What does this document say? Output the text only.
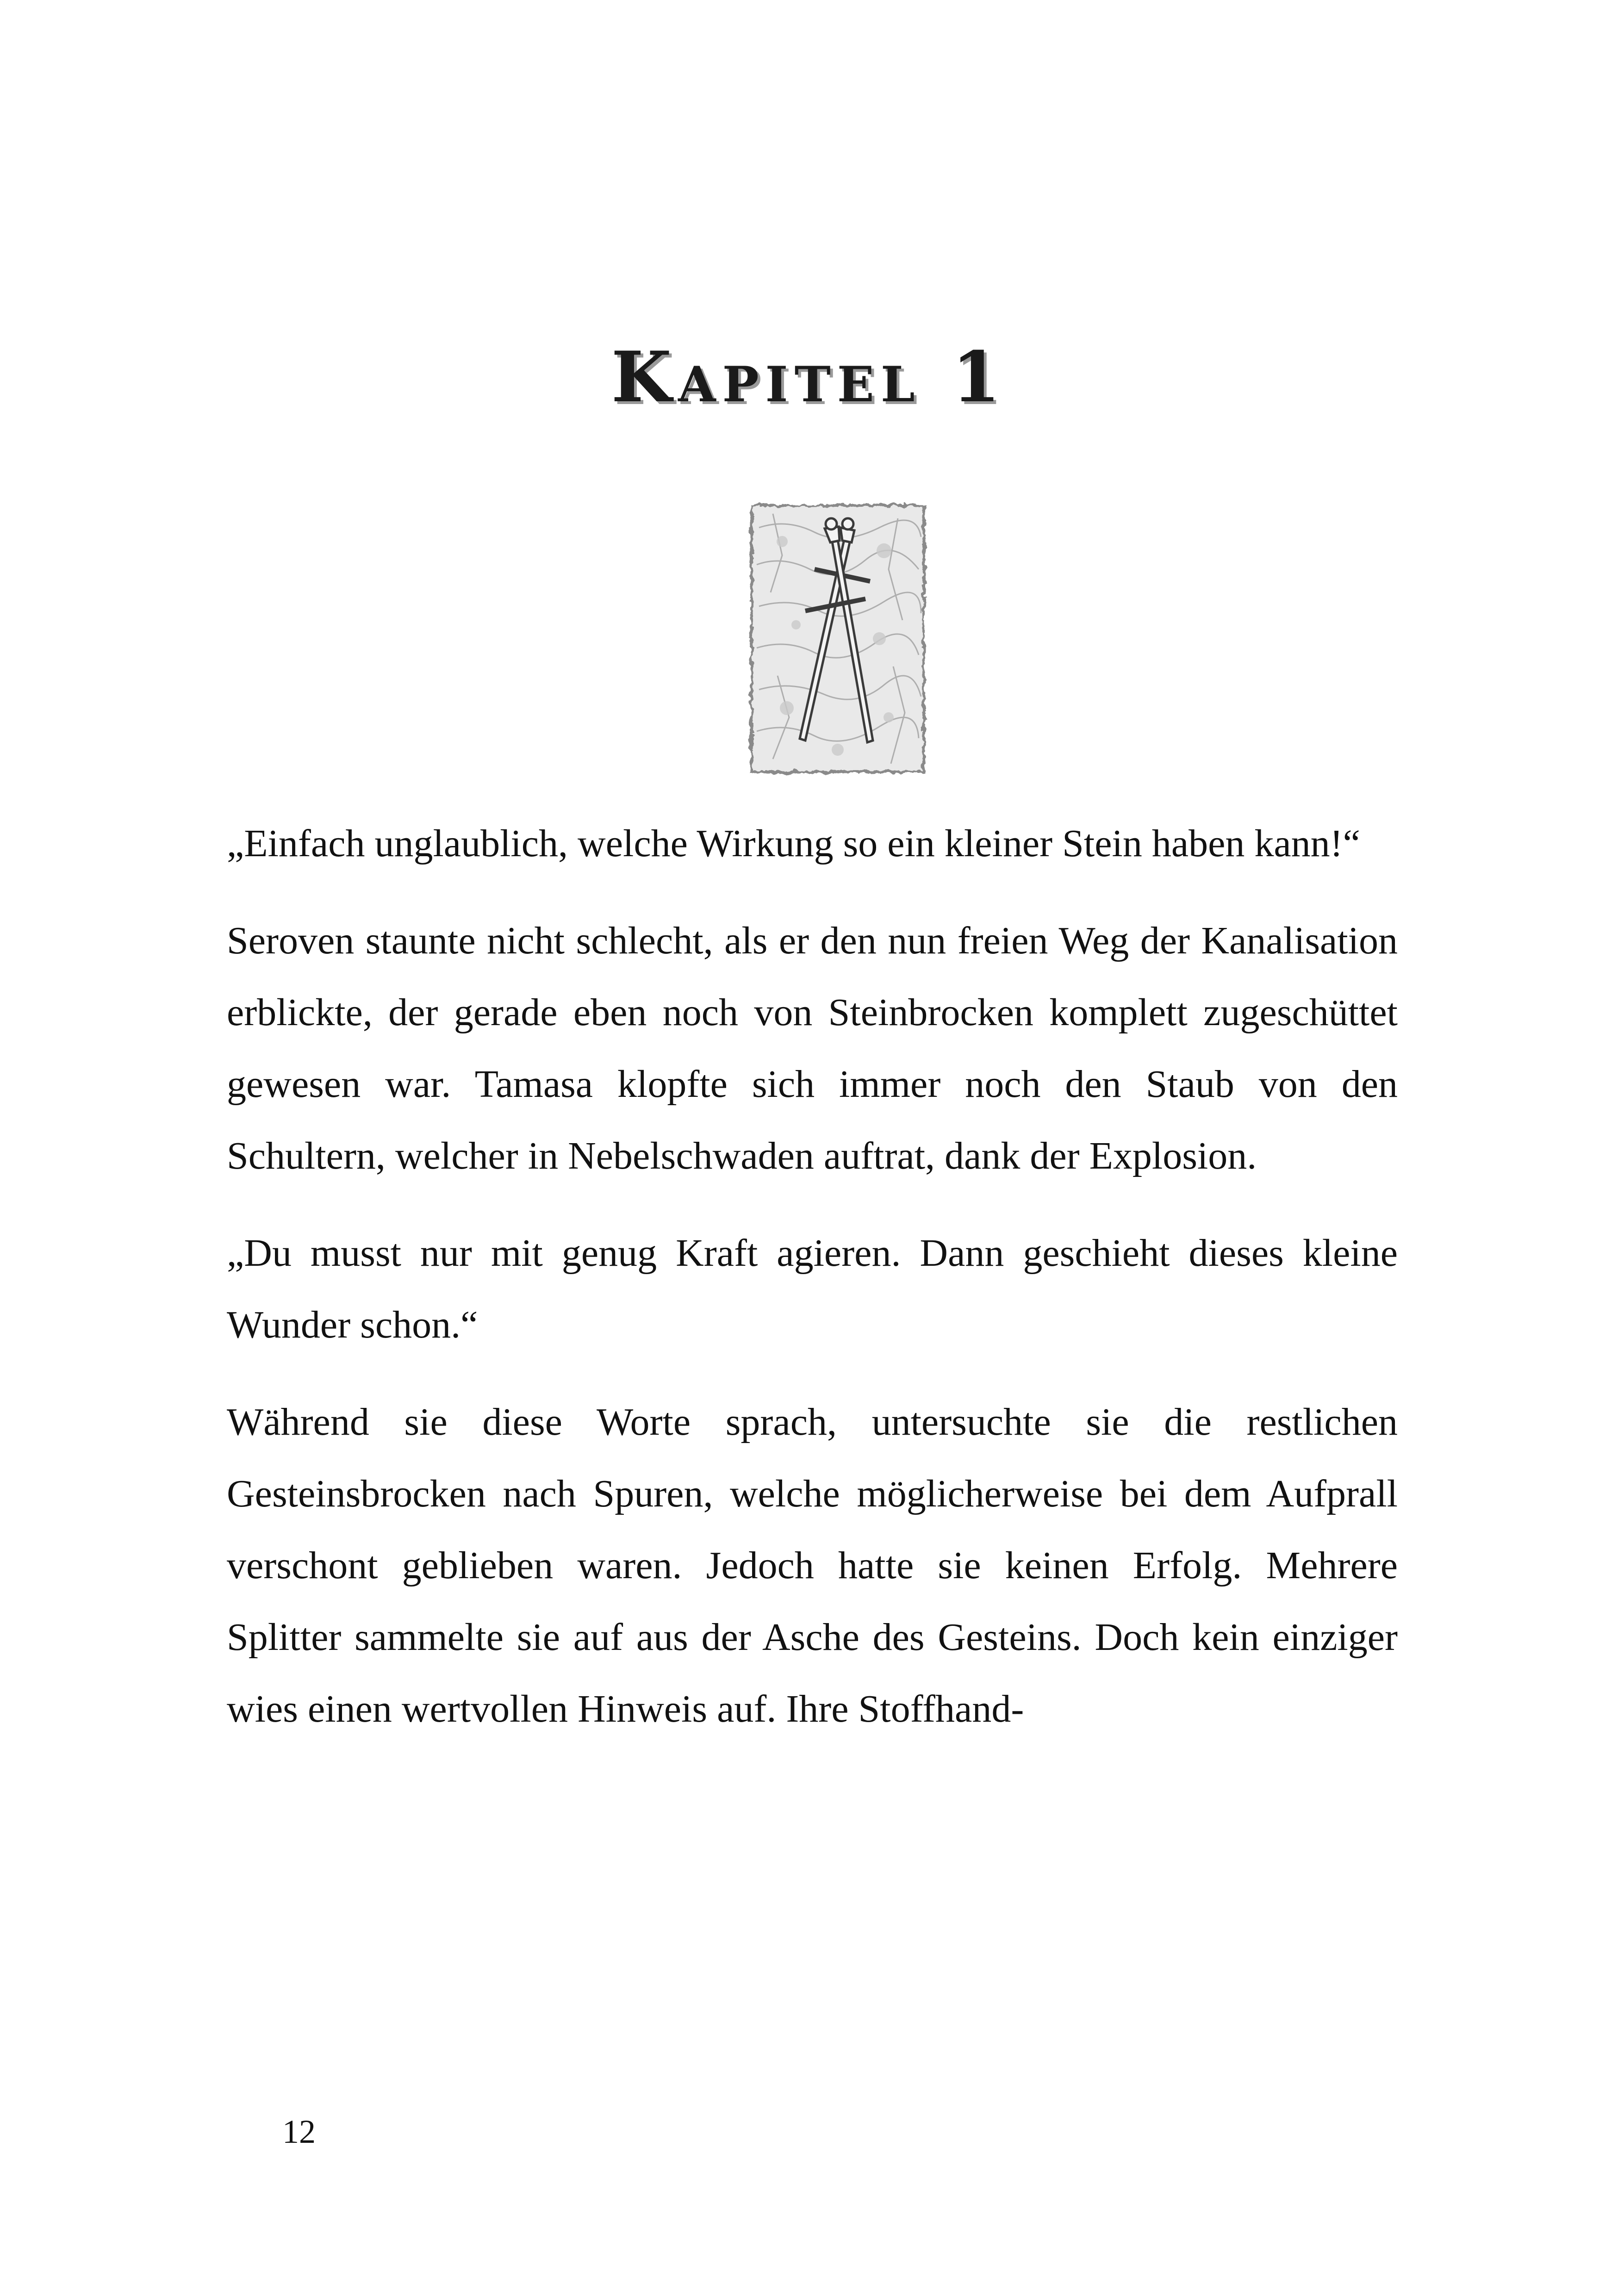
Kapitel 1

„Einfach unglaublich, welche Wirkung so ein kleiner Stein haben kann!“

Seroven staunte nicht schlecht, als er den nun freien Weg der Kanalisation erblickte, der gerade eben noch von Steinbrocken komplett zugeschüttet gewesen war. Tamasa klopfte sich immer noch den Staub von den Schultern, welcher in Nebelschwaden auftrat, dank der Explosion.

„Du musst nur mit genug Kraft agieren. Dann geschieht dieses kleine Wunder schon.“

Während sie diese Worte sprach, untersuchte sie die restlichen Gesteinsbrocken nach Spuren, welche möglicherweise bei dem Aufprall verschont geblieben waren. Jedoch hatte sie keinen Erfolg. Mehrere Splitter sammelte sie auf aus der Asche des Gesteins. Doch kein einziger wies einen wertvollen Hinweis auf. Ihre Stoffhand-

12
